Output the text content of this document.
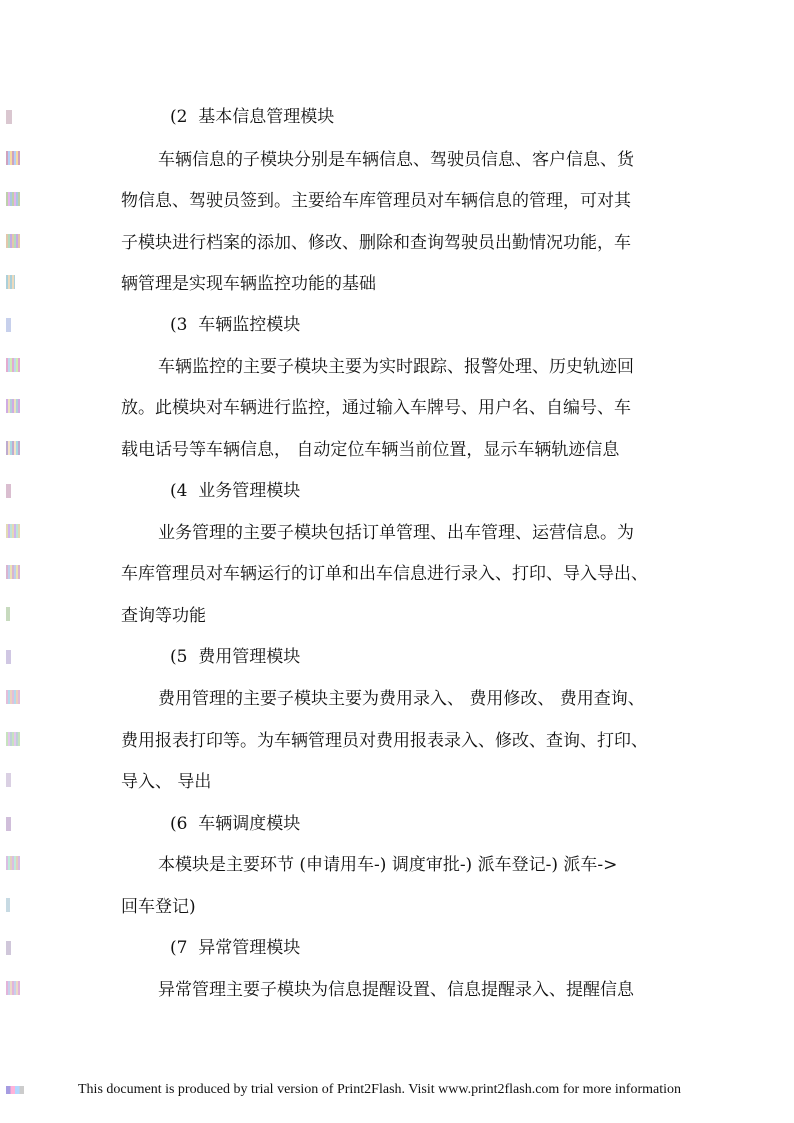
(2 基本信息管理模块
车辆信息的子模块分别是车辆信息、驾驶员信息、客户信息、货
物信息、驾驶员签到。主要给车库管理员对车辆信息的管理，可对其
子模块进行档案的添加、修改、删除和查询驾驶员出勤情况功能，车
辆管理是实现车辆监控功能的基础
(3 车辆监控模块
车辆监控的主要子模块主要为实时跟踪、报警处理、历史轨迹回
放。此模块对车辆进行监控，通过输入车牌号、用户名、自编号、车
载电话号等车辆信息， 自动定位车辆当前位置，显示车辆轨迹信息
(4 业务管理模块
业务管理的主要子模块包括订单管理、出车管理、运营信息。为
车库管理员对车辆运行的订单和出车信息进行录入、打印、导入导出、
查询等功能
(5 费用管理模块
费用管理的主要子模块主要为费用录入、 费用修改、 费用查询、
费用报表打印等。为车辆管理员对费用报表录入、修改、查询、打印、
导入、 导出
(6 车辆调度模块
本模块是主要环节 (申请用车-) 调度审批-) 派车登记-) 派车->
回车登记)
(7 异常管理模块
异常管理主要子模块为信息提醒设置、信息提醒录入、提醒信息
This document is produced by trial version of Print2Flash. Visit www.print2flash.com for more information
